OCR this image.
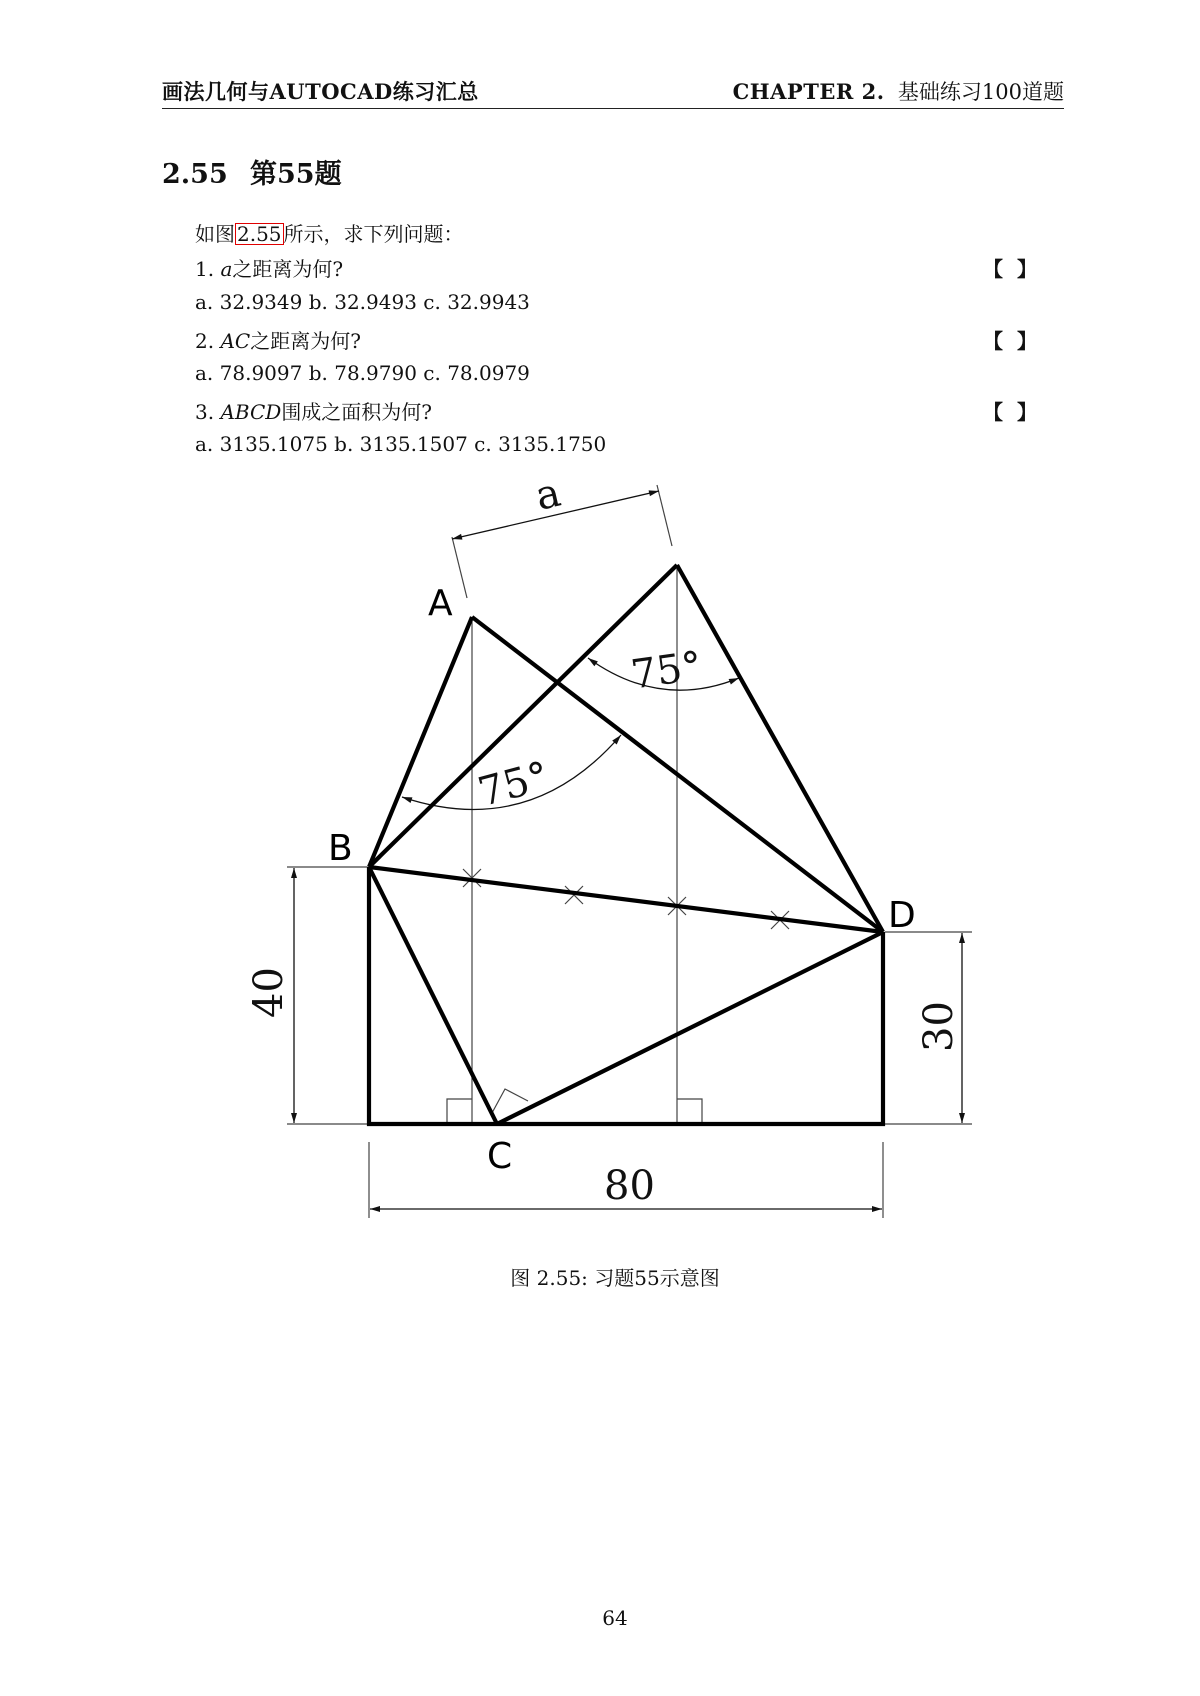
画法几何与AUTOCAD练习汇总	CHAPTER 2. 基础练习100道题
2.55 第55题
如图 2.55 所示，求下列问题：
1. a之距离为何?	【】
a. 32.9349 b. 32.9493 c. 32.9943
2. AC之距离为何?	【】
a. 78.9097 b. 78.9790 c. 78.0979
3. ABCD围成之面积为何?	【】
a. 3135.1075 b. 3135.1507 c. 3135.1750
A
B
C
D
a
75°
75°
40
30
80
图 2.55: 习题55示意图
64
